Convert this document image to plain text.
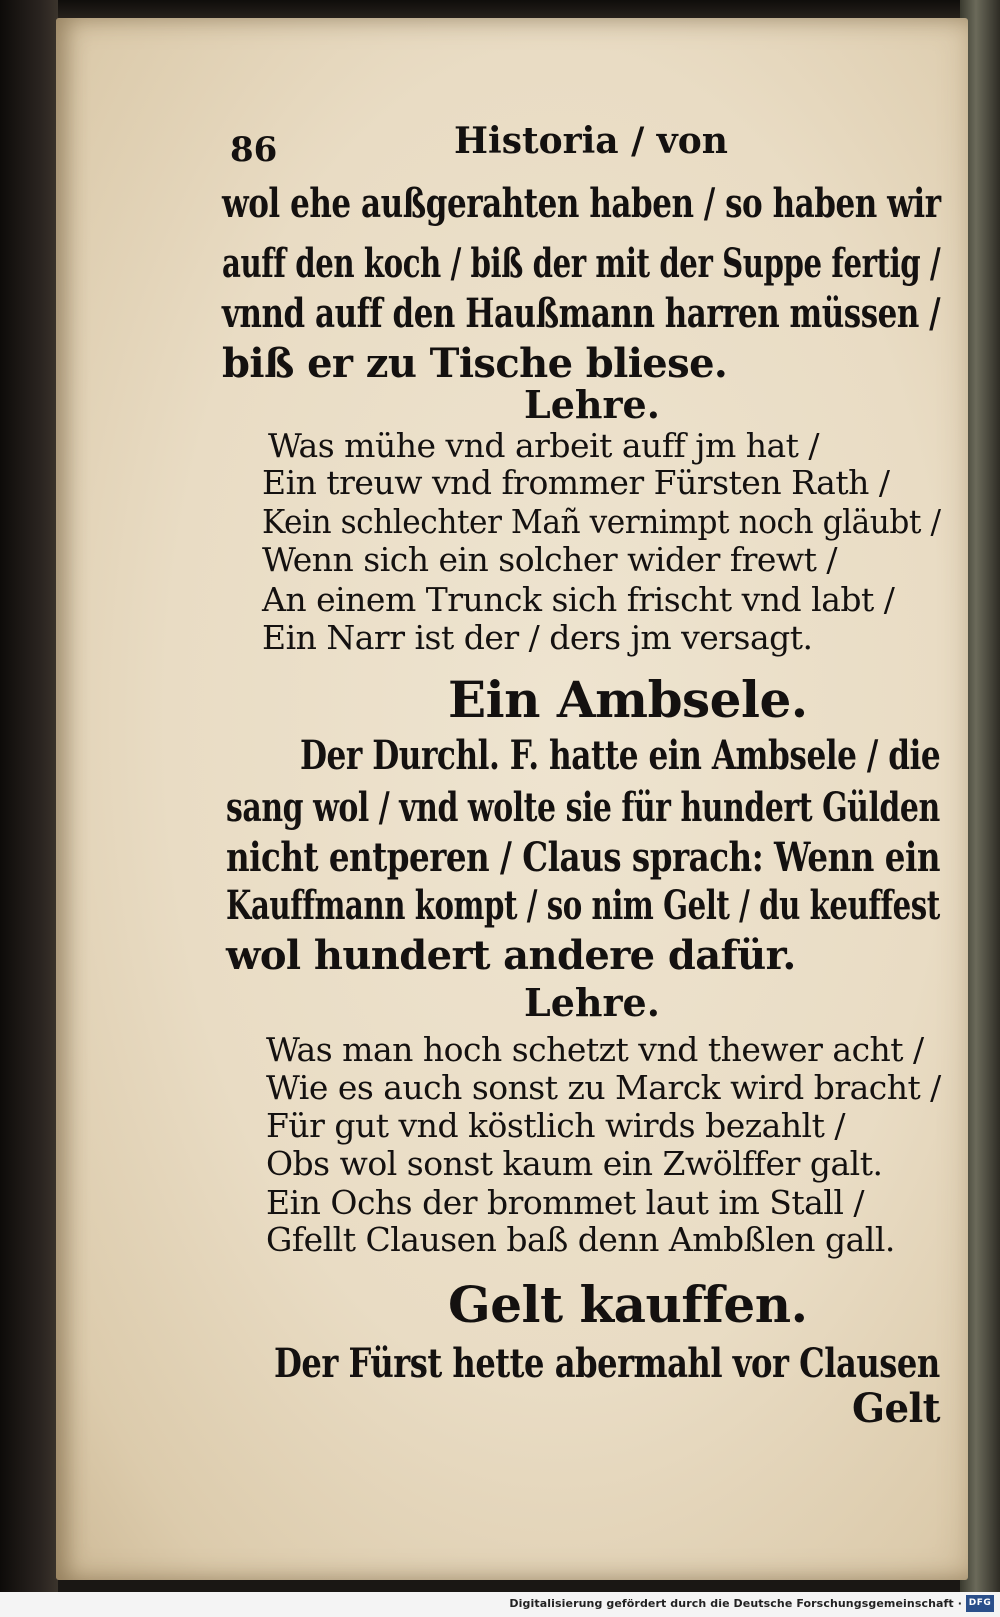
86	Historia / von
wol ehe außgerahten haben / so haben wir
auff den koch / biß der mit der Suppe fertig /
vnnd auff den Haußmann harren müssen /
biß er zu Tische bliese.
Lehre.
Was mühe vnd arbeit auff jm hat /
Ein treuw vnd frommer Fürsten Rath /
Kein schlechter Mañ vernimpt noch gläubt /
Wenn sich ein solcher wider frewt /
An einem Trunck sich frischt vnd labt /
Ein Narr ist der / ders jm versagt.
Ein Ambsele.
Der Durchl. F. hatte ein Ambsele / die
sang wol / vnd wolte sie für hundert Gülden
nicht entperen / Claus sprach: Wenn ein
Kauffmann kompt / so nim Gelt / du keuffest
wol hundert andere dafür.
Lehre.
Was man hoch schetzt vnd thewer acht /
Wie es auch sonst zu Marck wird bracht /
Für gut vnd köstlich wirds bezahlt /
Obs wol sonst kaum ein Zwölffer galt.
Ein Ochs der brommet laut im Stall /
Gfellt Clausen baß denn Ambßlen gall.
Gelt kauffen.
Der Fürst hette abermahl vor Clausen
Gelt
Digitalisierung gefördert durch die Deutsche Forschungsgemeinschaft · DFG
